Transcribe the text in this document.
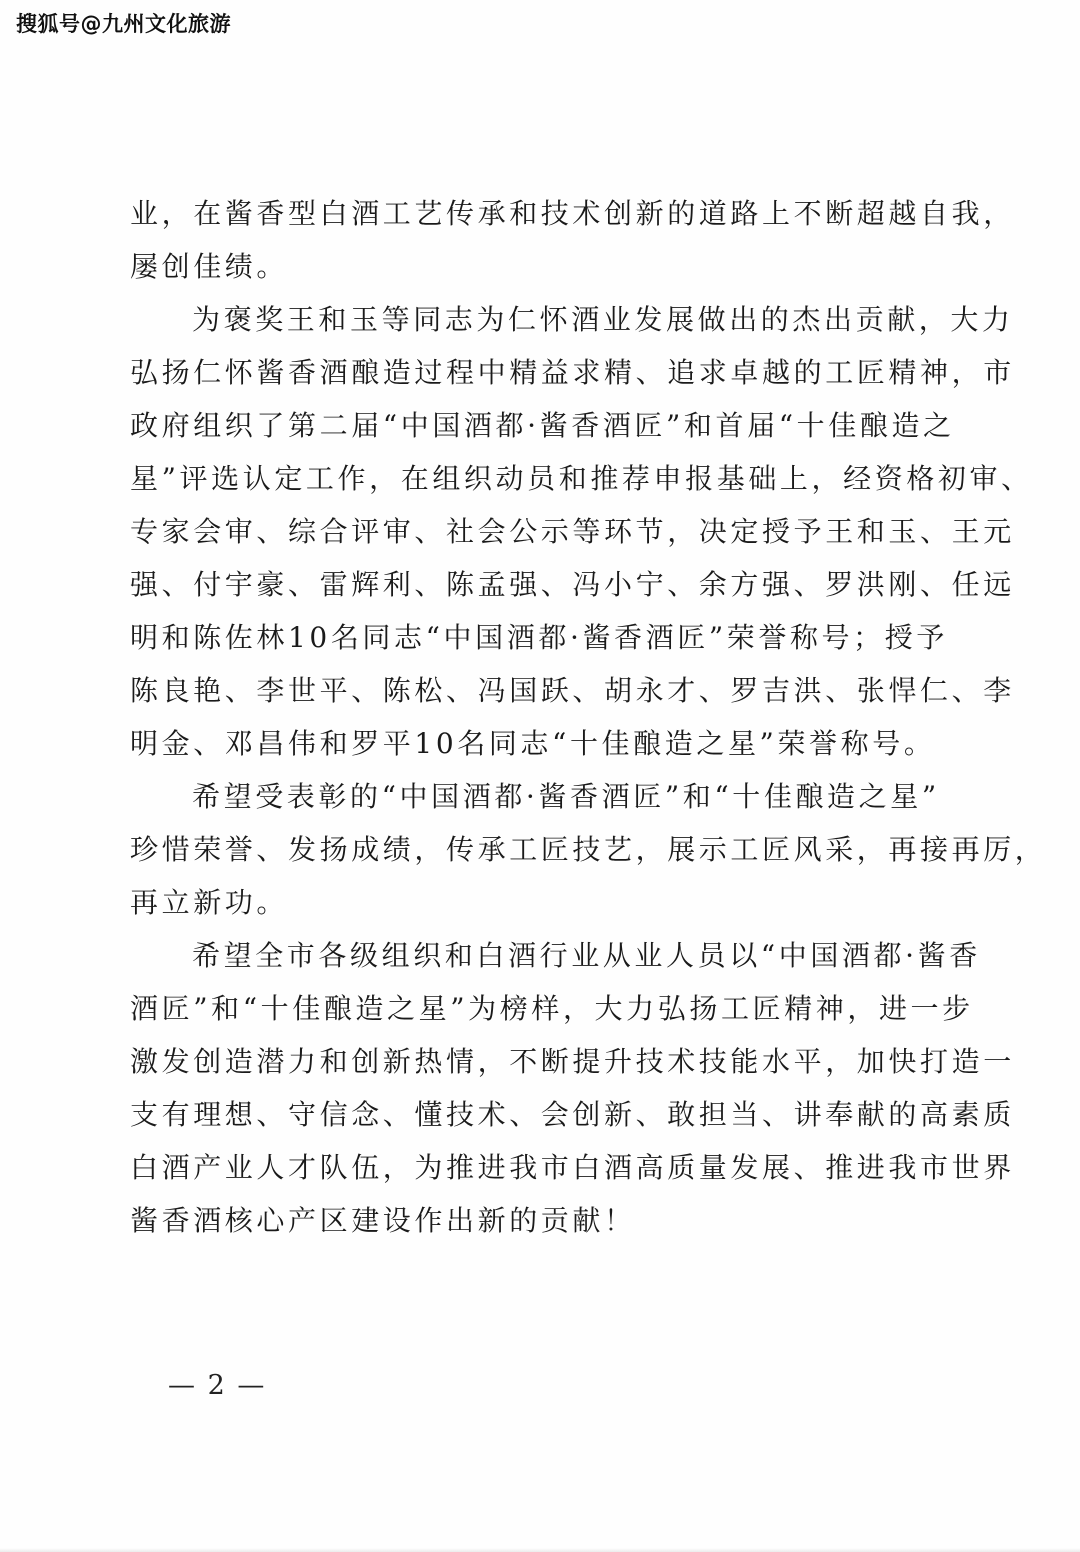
搜狐号@九州文化旅游

业，在酱香型白酒工艺传承和技术创新的道路上不断超越自我，
屡创佳绩。

为褒奖王和玉等同志为仁怀酒业发展做出的杰出贡献，大力
弘扬仁怀酱香酒酿造过程中精益求精、追求卓越的工匠精神，市
政府组织了第二届“中国酒都·酱香酒匠”和首届“十佳酿造之
星”评选认定工作，在组织动员和推荐申报基础上，经资格初审、
专家会审、综合评审、社会公示等环节，决定授予王和玉、王元
强、付宇豪、雷辉利、陈孟强、冯小宁、余方强、罗洪刚、任远
明和陈佐林10名同志“中国酒都·酱香酒匠”荣誉称号；授予
陈良艳、李世平、陈松、冯国跃、胡永才、罗吉洪、张悍仁、李
明金、邓昌伟和罗平10名同志“十佳酿造之星”荣誉称号。

希望受表彰的“中国酒都·酱香酒匠”和“十佳酿造之星”
珍惜荣誉、发扬成绩，传承工匠技艺，展示工匠风采，再接再厉，
再立新功。

希望全市各级组织和白酒行业从业人员以“中国酒都·酱香
酒匠”和“十佳酿造之星”为榜样，大力弘扬工匠精神，进一步
激发创造潜力和创新热情，不断提升技术技能水平，加快打造一
支有理想、守信念、懂技术、会创新、敢担当、讲奉献的高素质
白酒产业人才队伍，为推进我市白酒高质量发展、推进我市世界
酱香酒核心产区建设作出新的贡献！

— 2 —
